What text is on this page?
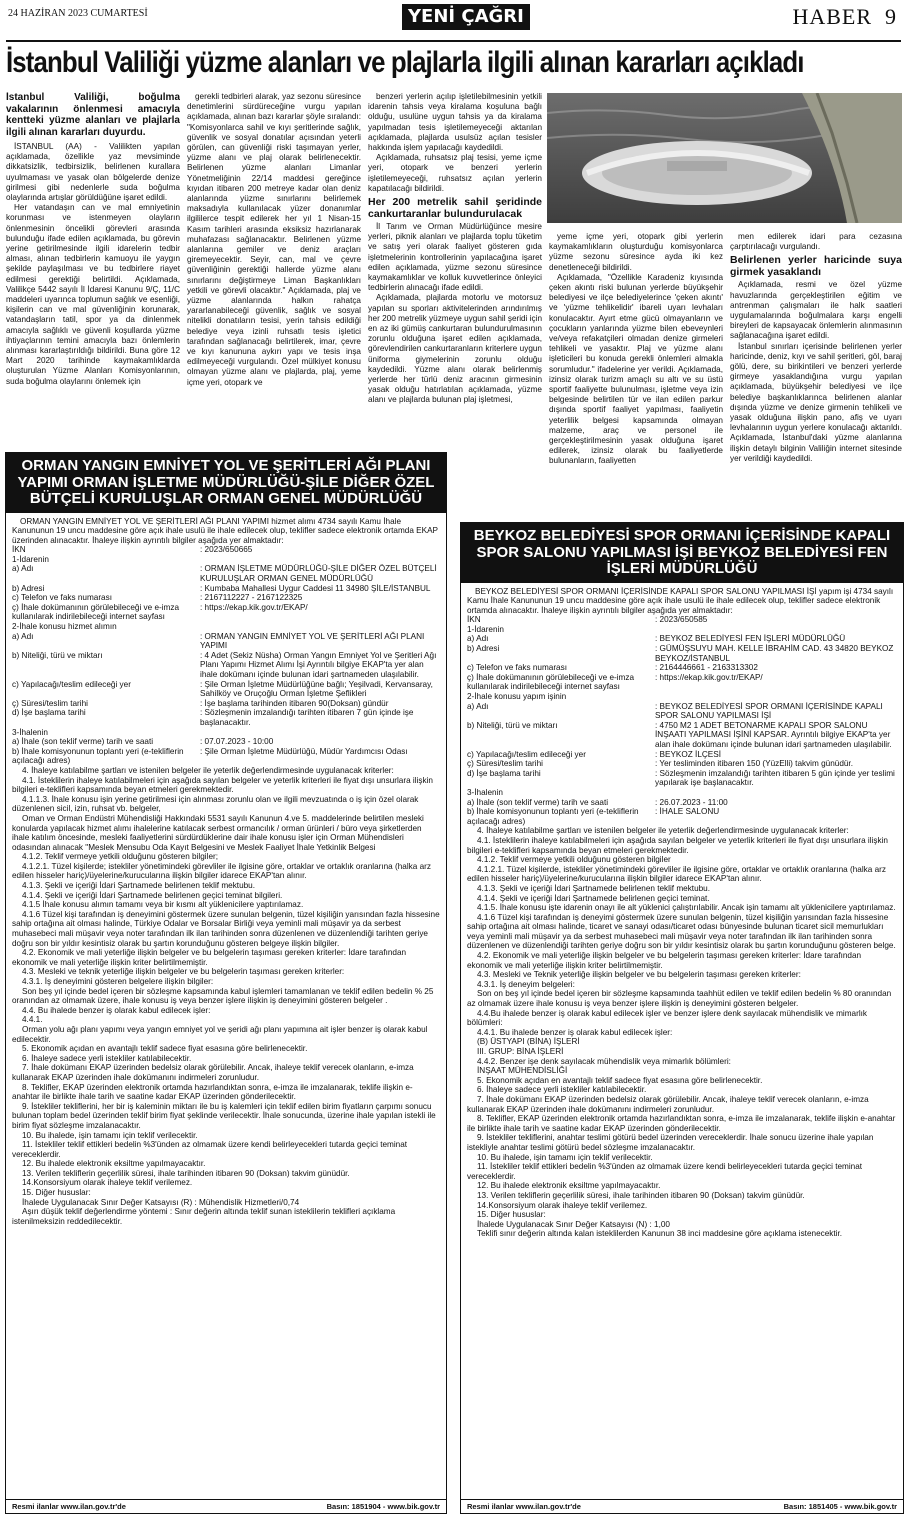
24 HAZİRAN 2023 CUMARTESİ	YENİ ÇAĞRI	HABER 9
İstanbul Valiliği yüzme alanları ve plajlarla ilgili alınan kararları açıkladı

İstanbul Valiliği, boğulma vakalarının önlenmesi amacıyla kentteki yüzme alanları ve plajlarla ilgili alınan kararları duyurdu.

İSTANBUL (AA) - Valilikten yapılan açıklamada, özellikle yaz mevsiminde dikkatsizlik, tedbirsizlik, belirlenen kurallara uyulmaması ve yasak olan bölgelerde denize girilmesi gibi nedenlerle suda boğulma olaylarında artışlar görüldüğüne işaret edildi.

Her vatandaşın can ve mal emniyetinin korunması ve istenmeyen olayların önlenmesinin öncelikli görevleri arasında bulunduğu ifade edilen açıklamada, bu görevin yerine getirilmesinde ilgili idarelerin tedbir alması, alınan tedbirlerin kamuoyu ile yaygın şekilde paylaşılması ve bu tedbirlere riayet edilmesi gerektiği belirtildi. Açıklamada, Valilikçe 5442 sayılı İl İdaresi Kanunu 9/Ç, 11/C maddeleri uyarınca toplumun sağlık ve esenliği, kişilerin can ve mal güvenliğinin korunarak, vatandaşların tatil, spor ya da dinlenmek amacıyla sağlıklı ve güvenli koşullarda yüzme ihtiyaçlarının temini amacıyla bazı önlemlerin alınması kararlaştırıldığı bildirildi. Buna göre 12 Mart 2020 tarihinde kaymakamlıklarda oluşturulan Yüzme Alanları Komisyonlarının, suda boğulma olaylarını önlemek için

gerekli tedbirleri alarak, yaz sezonu süresince denetimlerini sürdüreceğine vurgu yapılan açıklamada, alınan bazı kararlar şöyle sıralandı: "Komisyonlarca sahil ve kıyı şeritlerinde sağlık, güvenlik ve sosyal donatılar açısından yeterli görülen, can güvenliği riski taşımayan yerler, yüzme alanı ve plaj olarak belirlenecektir. Belirlenen yüzme alanları Limanlar Yönetmeliğinin 22/14 maddesi gereğince kıyıdan itibaren 200 metreye kadar olan deniz alanlarında yüzme sınırlarını belirlemek maksadıyla kullanılacak yüzer donanımlar ilgililerce tespit edilerek her yıl 1 Nisan-15 Kasım tarihleri arasında eksiksiz hazırlanarak muhafazası sağlanacaktır. Belirlenen yüzme alanlarına gemiler ve deniz araçları giremeyecektir. Seyir, can, mal ve çevre güvenliğinin gerektiği hallerde yüzme alanı sınırlarını değiştirmeye Liman Başkanlıkları yetkili ve görevli olacaktır." Açıklamada, plaj ve yüzme alanlarında halkın rahatça yararlanabileceği güvenlik, sağlık ve sosyal nitelikli donatıların tesisi, yerin tahsis edildiği belediye veya izinli ruhsatlı tesis işletici tarafından sağlanacağı belirtilerek, imar, çevre ve kıyı kanununa aykırı yapı ve tesis inşa edilmeyeceği vurgulandı. Özel mülkiyet konusu olmayan yüzme alanı ve plajlarda, plaj, yeme içme yeri, otopark ve

benzeri yerlerin açılıp işletilebilmesinin yetkili idarenin tahsis veya kiralama koşuluna bağlı olduğu, usulüne uygun tahsis ya da kiralama yapılmadan tesis işletilemeyeceği aktarılan açıklamada, plajlarda usulsüz açılan tesisler hakkında işlem yapılacağı kaydedildi.

Açıklamada, ruhsatsız plaj tesisi, yeme içme yeri, otopark ve benzeri yerlerin işletilemeyeceği, ruhsatsız açılan yerlerin kapatılacağı bildirildi.

Her 200 metrelik sahil şeridinde cankurtaranlar bulundurulacak

İl Tarım ve Orman Müdürlüğünce mesire yerleri, piknik alanları ve plajlarda toplu tüketim ve satış yeri olarak faaliyet gösteren gıda işletmelerinin kontrollerinin yapılacağına işaret edilen açıklamada, yüzme sezonu süresince kaymakamlıklar ve kolluk kuvvetlerince önleyici tedbirlerin alınacağı ifade edildi.

Açıklamada, plajlarda motorlu ve motorsuz yapılan su sporları aktivitelerinden arındırılmış her 200 metrelik yüzmeye uygun sahil şeridi için en az iki gümüş cankurtaran bulundurulmasının zorunlu olduğuna işaret edilen açıklamada, görevlendirilen cankurtaranların kriterlere uygun üniforma giymelerinin zorunlu olduğu kaydedildi. Yüzme alanı olarak belirlenmiş yerlerde her türlü deniz aracının girmesinin yasak olduğu hatırlatılan açıklamada, yüzme alanı ve plajlarda bulunan plaj işletmesi,

yeme içme yeri, otopark gibi yerlerin kaymakamlıkların oluşturduğu komisyonlarca yüzme sezonu süresince ayda iki kez denetleneceği bildirildi.

Açıklamada, "Özellikle Karadeniz kıyısında çeken akıntı riski bulunan yerlerde büyükşehir belediyesi ve ilçe belediyelerince 'çeken akıntı' ve 'yüzme tehlikelidir' ibareli uyarı levhaları konulacaktır. Ayırt etme gücü olmayanların ve çocukların yanlarında yüzme bilen ebeveynleri ve/veya refakatçileri olmadan denize girmeleri tehlikeli ve yasaktır. Plaj ve yüzme alanı işleticileri bu konuda gerekli önlemleri almakla sorumludur." ifadelerine yer verildi. Açıklamada, izinsiz olarak turizm amaçlı su altı ve su üstü sportif faaliyette bulunulması, işletme veya izin belgesinde belirtilen tür ve ilan edilen parkur dışında sportif faaliyet yapılması, faaliyetin yeterlilik belgesi kapsamında olmayan malzeme, araç ve personel ile gerçekleştirilmesinin yasak olduğuna işaret edilerek, izinsiz olarak bu faaliyetlerde bulunanların, faaliyetten

men edilerek idari para cezasına çarptırılacağı vurgulandı.

Belirlenen yerler haricinde suya girmek yasaklandı

Açıklamada, resmi ve özel yüzme havuzlarında gerçekleştirilen eğitim ve antrenman çalışmaları ile halk saatleri uygulamalarında boğulmalara karşı engelli bireyleri de kapsayacak önlemlerin alınmasının sağlanacağına işaret edildi.

İstanbul sınırları içerisinde belirlenen yerler haricinde, deniz, kıyı ve sahil şeritleri, göl, baraj gölü, dere, su birikintileri ve benzeri yerlerde girmeye yasaklandığına vurgu yapılan açıklamada, büyükşehir belediyesi ve ilçe belediye başkanlıklarınca belirlenen alanlar dışında yüzme ve denize girmenin tehlikeli ve yasak olduğuna ilişkin pano, afiş ve uyarı levhalarının uygun yerlere konulacağı aktarıldı. Açıklamada, İstanbul'daki yüzme alanlarına ilişkin detaylı bilginin Valiliğin internet sitesinde yer verildiği kaydedildi.

ORMAN YANGIN EMNİYET YOL VE ŞERİTLERİ AĞI PLANI YAPIMI ORMAN İŞLETME MÜDÜRLÜĞÜ-ŞİLE DİĞER ÖZEL BÜTÇELİ KURULUŞLAR ORMAN GENEL MÜDÜRLÜĞÜ

ORMAN YANGIN EMNİYET YOL VE ŞERİTLERİ AĞI PLANI YAPIMI hizmet alımı 4734 sayılı Kamu İhale Kanununun 19 uncu maddesine göre açık ihale usulü ile ihale edilecek olup, teklifler sadece elektronik ortamda EKAP üzerinden alınacaktır. İhaleye ilişkin ayrıntılı bilgiler aşağıda yer almaktadır:

İKN	: 2023/650665
1-İdarenin
a) Adı	: ORMAN İŞLETME MÜDÜRLÜĞÜ-ŞİLE DİĞER ÖZEL BÜTÇELİ KURULUŞLAR ORMAN GENEL MÜDÜRLÜĞÜ
b) Adresi	: Kumbaba Mahallesi Uygur Caddesi 11 34980 ŞİLE/İSTANBUL
c) Telefon ve faks numarası	: 2167112227 - 2167122325
ç) İhale dokümanının görülebileceği ve e-imza kullanılarak indirilebileceği internet sayfası
: https://ekap.kik.gov.tr/EKAP/
2-İhale konusu hizmet alımın
a) Adı	: ORMAN YANGIN EMNİYET YOL VE ŞERİTLERİ AĞI PLANI YAPIMI
b) Niteliği, türü ve miktarı	: 4 Adet (Sekiz Nüsha) Orman Yangın Emniyet Yol ve Şeritleri Ağı Planı Yapımı Hizmet Alımı İşi Ayrıntılı bilgiye EKAP'ta yer alan ihale dokümanı içinde bulunan idari şartnameden ulaşılabilir.
c) Yapılacağı/teslim edileceği yer	: Şile Orman İşletme Müdürlüğüne bağlı; Yeşilvadi, Kervansaray, Sahilköy ve Oruçoğlu Orman İşletme Şeflikleri
ç) Süresi/teslim tarihi	: İşe başlama tarihinden itibaren 90(Doksan) gündür
d) İşe başlama tarihi	: Sözleşmenin imzalandığı tarihten itibaren 7 gün içinde işe başlanacaktır.
3-İhalenin
a) İhale (son teklif verme) tarih ve saati	: 07.07.2023 - 10:00
b) İhale komisyonunun toplantı yeri (e-tekliflerin açılacağı adres)
: Şile Orman İşletme Müdürlüğü, Müdür Yardımcısı Odası

4. İhaleye katılabilme şartları ve istenilen belgeler ile yeterlik değerlendirmesinde uygulanacak kriterler:

4.1. İsteklilerin ihaleye katılabilmeleri için aşağıda sayılan belgeler ve yeterlik kriterleri ile fiyat dışı unsurlara ilişkin bilgileri e-teklifleri kapsamında beyan etmeleri gerekmektedir.

4.1.1.3. İhale konusu işin yerine getirilmesi için alınması zorunlu olan ve ilgili mevzuatında o iş için özel olarak düzenlenen sicil, izin, ruhsat vb. belgeler,

Oman ve Orman Endüstri Mühendisliği Hakkındaki 5531 sayılı Kanunun 4.ve 5. maddelerinde belirtilen mesleki konularda yapılacak hizmet alımı ihalelerine katılacak serbest ormancılık / orman ürünleri / büro veya şirketlerden ihale katılım öncesinde, mesleki faaliyetlerini sürdürdüklerine dair ihale konusu işler için Orman Mühendisleri odasından alınacak "Meslek Mensubu Oda Kayıt Belgesini ve Meslek Faaliyet İhale Yetkinlik Belgesi

4.1.2. Teklif vermeye yetkili olduğunu gösteren bilgiler;

4.1.2.1. Tüzel kişilerde; istekliler yönetimindeki görevliler ile ilgisine göre, ortaklar ve ortaklık oranlarına (halka arz edilen hisseler hariç)/üyelerine/kurucularına ilişkin bilgiler idarece EKAP'tan alınır.

4.1.3. Şekli ve içeriği İdari Şartnamede belirlenen teklif mektubu.

4.1.4. Şekli ve içeriği İdari Şartnamede belirlenen geçici teminat bilgileri.

4.1.5 İhale konusu alımın tamamı veya bir kısmı alt yüklenicilere yaptırılamaz.

4.1.6 Tüzel kişi tarafından iş deneyimini göstermek üzere sunulan belgenin, tüzel kişiliğin yarısından fazla hissesine sahip ortağına ait olması halinde, Türkiye Odalar ve Borsalar Birliği veya yeminli mali müşavir ya da serbest muhasebeci mali müşavir veya noter tarafından ilk ilan tarihinden sonra düzenlenen ve düzenlendiği tarihten geriye doğru son bir yıldır kesintisiz olarak bu şartın korunduğunu gösteren belgeye ilişkin bilgiler.

4.2. Ekonomik ve mali yeterliğe ilişkin belgeler ve bu belgelerin taşıması gereken kriterler: İdare tarafından ekonomik ve mali yeterliğe ilişkin kriter belirtilmemiştir.

4.3. Mesleki ve teknik yeterliğe ilişkin belgeler ve bu belgelerin taşıması gereken kriterler:

4.3.1. İş deneyimini gösteren belgelere ilişkin bilgiler:

Son beş yıl içinde bedel içeren bir sözleşme kapsamında kabul işlemleri tamamlanan ve teklif edilen bedelin % 25 oranından az olmamak üzere, ihale konusu iş veya benzer işlere ilişkin iş deneyimini gösteren belgeler .

4.4. Bu ihalede benzer iş olarak kabul edilecek işler:

4.4.1.

Orman yolu ağı planı yapımı veya yangın emniyet yol ve şeridi ağı planı yapımına ait işler benzer iş olarak kabul edilecektir.

5. Ekonomik açıdan en avantajlı teklif sadece fiyat esasına göre belirlenecektir.

6. İhaleye sadece yerli istekliler katılabilecektir.

7. İhale dokümanı EKAP üzerinden bedelsiz olarak görülebilir. Ancak, ihaleye teklif verecek olanların, e-imza kullanarak EKAP üzerinden ihale dokümanını indirmeleri zorunludur.

8. Teklifler, EKAP üzerinden elektronik ortamda hazırlandıktan sonra, e-imza ile imzalanarak, teklife ilişkin e-anahtar ile birlikte ihale tarih ve saatine kadar EKAP üzerinden gönderilecektir.

9. İstekliler tekliflerini, her bir iş kaleminin miktarı ile bu iş kalemleri için teklif edilen birim fiyatların çarpımı sonucu bulunan toplam bedel üzerinden teklif birim fiyat şeklinde verilecektir. İhale sonucunda, üzerine ihale yapılan istekli ile birim fiyat sözleşme imzalanacaktır.

10. Bu ihalede, işin tamamı için teklif verilecektir.

11. İstekliler teklif ettikleri bedelin %3'ünden az olmamak üzere kendi belirleyecekleri tutarda geçici teminat vereceklerdir.

12. Bu ihalede elektronik eksiltme yapılmayacaktır.

13. Verilen tekliflerin geçerlilik süresi, ihale tarihinden itibaren 90 (Doksan) takvim günüdür.

14.Konsorsiyum olarak ihaleye teklif verilemez.

15. Diğer hususlar:

İhalede Uygulanacak Sınır Değer Katsayısı (R) : Mühendislik Hizmetleri/0,74

Aşırı düşük teklif değerlendirme yöntemi : Sınır değerin altında teklif sunan isteklilerin teklifleri açıklama istenilmeksizin reddedilecektir.

Resmi ilanlar www.ilan.gov.tr'de	Basın: 1851904 - www.bik.gov.tr
BEYKOZ BELEDİYESİ SPOR ORMANI İÇERİSİNDE KAPALI SPOR SALONU YAPILMASI İŞİ BEYKOZ BELEDİYESİ FEN İŞLERİ MÜDÜRLÜĞÜ

BEYKOZ BELEDİYESİ SPOR ORMANI İÇERİSİNDE KAPALI SPOR SALONU YAPILMASI İŞİ yapım işi 4734 sayılı Kamu İhale Kanununun 19 uncu maddesine göre açık ihale usulü ile ihale edilecek olup, teklifler sadece elektronik ortamda alınacaktır. İhaleye ilişkin ayrıntılı bilgiler aşağıda yer almaktadır:

İKN	: 2023/650585
1-İdarenin
a) Adı	: BEYKOZ BELEDİYESİ FEN İŞLERİ MÜDÜRLÜĞÜ
b) Adresi	: GÜMÜŞSUYU MAH. KELLE İBRAHİM CAD. 43 34820 BEYKOZ BEYKOZ/İSTANBUL
c) Telefon ve faks numarası	: 2164446661 - 2163313302
ç) İhale dokümanının görülebileceği ve e-imza kullanılarak indirilebileceği internet sayfası
: https://ekap.kik.gov.tr/EKAP/
2-İhale konusu yapım işinin
a) Adı	: BEYKOZ BELEDİYESİ SPOR ORMANI İÇERİSİNDE KAPALI SPOR SALONU YAPILMASI İŞİ
b) Niteliği, türü ve miktarı	: 4750 M2 1 ADET BETONARME KAPALI SPOR SALONU İNŞAATI YAPILMASI İŞİNİ KAPSAR. Ayrıntılı bilgiye EKAP'ta yer alan ihale dokümanı içinde bulunan idari şartnameden ulaşılabilir.
c) Yapılacağı/teslim edileceği yer	: BEYKOZ İLÇESİ
ç) Süresi/teslim tarihi	: Yer tesliminden itibaren 150 (YüzElli) takvim günüdür.
d) İşe başlama tarihi	: Sözleşmenin imzalandığı tarihten itibaren 5 gün içinde yer teslimi yapılarak işe başlanacaktır.
3-İhalenin
a) İhale (son teklif verme) tarih ve saati	: 26.07.2023 - 11:00
b) İhale komisyonunun toplantı yeri (e-tekliflerin açılacağı adres)
: İHALE SALONU

4. İhaleye katılabilme şartları ve istenilen belgeler ile yeterlik değerlendirmesinde uygulanacak kriterler:

4.1. İsteklilerin ihaleye katılabilmeleri için aşağıda sayılan belgeler ve yeterlik kriterleri ile fiyat dışı unsurlara ilişkin bilgileri e-teklifleri kapsamında beyan etmeleri gerekmektedir.

4.1.2. Teklif vermeye yetkili olduğunu gösteren bilgiler

4.1.2.1. Tüzel kişilerde, istekliler yönetimindeki görevliler ile ilgisine göre, ortaklar ve ortaklık oranlarına (halka arz edilen hisseler hariç)/üyelerine/kurucularına ilişkin bilgiler idarece EKAP'tan alınır.

4.1.3. Şekli ve içeriği İdari Şartnamede belirlenen teklif mektubu.

4.1.4. Şekli ve içeriği İdari Şartnamede belirlenen geçici teminat.

4.1.5. İhale konusu işte idarenin onayı ile alt yüklenici çalıştırılabilir. Ancak işin tamamı alt yüklenicilere yaptırılamaz.

4.1.6 Tüzel kişi tarafından iş deneyimi göstermek üzere sunulan belgenin, tüzel kişiliğin yarısından fazla hissesine sahip ortağına ait olması halinde, ticaret ve sanayi odası/ticaret odası bünyesinde bulunan ticaret sicil memurlukları veya yeminli mali müşavir ya da serbest muhasebeci mali müşavir veya noter tarafından ilk ilan tarihinden sonra düzenlenen ve düzenlendiği tarihten geriye doğru son bir yıldır kesintisiz olarak bu şartın korunduğunu gösteren belge.

4.2. Ekonomik ve mali yeterliğe ilişkin belgeler ve bu belgelerin taşıması gereken kriterler: İdare tarafından ekonomik ve mali yeterliğe ilişkin kriter belirtilmemiştir.

4.3. Mesleki ve Teknik yeterliğe ilişkin belgeler ve bu belgelerin taşıması gereken kriterler:

4.3.1. İş deneyim belgeleri:

Son on beş yıl içinde bedel içeren bir sözleşme kapsamında taahhüt edilen ve teklif edilen bedelin % 80 oranından az olmamak üzere ihale konusu iş veya benzer işlere ilişkin iş deneyimini gösteren belgeler.

4.4.Bu ihalede benzer iş olarak kabul edilecek işler ve benzer işlere denk sayılacak mühendislik ve mimarlık bölümleri:

4.4.1. Bu ihalede benzer iş olarak kabul edilecek işler:

(B) ÜSTYAPI (BİNA) İŞLERİ

III. GRUP: BİNA İŞLERİ

4.4.2. Benzer işe denk sayılacak mühendislik veya mimarlık bölümleri:

İNŞAAT MÜHENDİSLİĞİ

5. Ekonomik açıdan en avantajlı teklif sadece fiyat esasına göre belirlenecektir.

6. İhaleye sadece yerli istekliler katılabilecektir.

7. İhale dokümanı EKAP üzerinden bedelsiz olarak görülebilir. Ancak, ihaleye teklif verecek olanların, e-imza kullanarak EKAP üzerinden ihale dokümanını indirmeleri zorunludur.

8. Teklifler, EKAP üzerinden elektronik ortamda hazırlandıktan sonra, e-imza ile imzalanarak, teklife ilişkin e-anahtar ile birlikte ihale tarih ve saatine kadar EKAP üzerinden gönderilecektir.

9. İstekliler tekliflerini, anahtar teslimi götürü bedel üzerinden vereceklerdir. İhale sonucu üzerine ihale yapılan istekliyle anahtar teslimi götürü bedel sözleşme imzalanacaktır.

10. Bu ihalede, işin tamamı için teklif verilecektir.

11. İstekliler teklif ettikleri bedelin %3'ünden az olmamak üzere kendi belirleyecekleri tutarda geçici teminat vereceklerdir.

12. Bu ihalede elektronik eksiltme yapılmayacaktır.

13. Verilen tekliflerin geçerlilik süresi, ihale tarihinden itibaren 90 (Doksan) takvim günüdür.

14.Konsorsiyum olarak ihaleye teklif verilemez.

15. Diğer hususlar:

İhalede Uygulanacak Sınır Değer Katsayısı (N) : 1,00

Teklifi sınır değerin altında kalan isteklilerden Kanunun 38 inci maddesine göre açıklama istenecektir.

Resmi ilanlar www.ilan.gov.tr'de	Basın: 1851405 - www.bik.gov.tr
